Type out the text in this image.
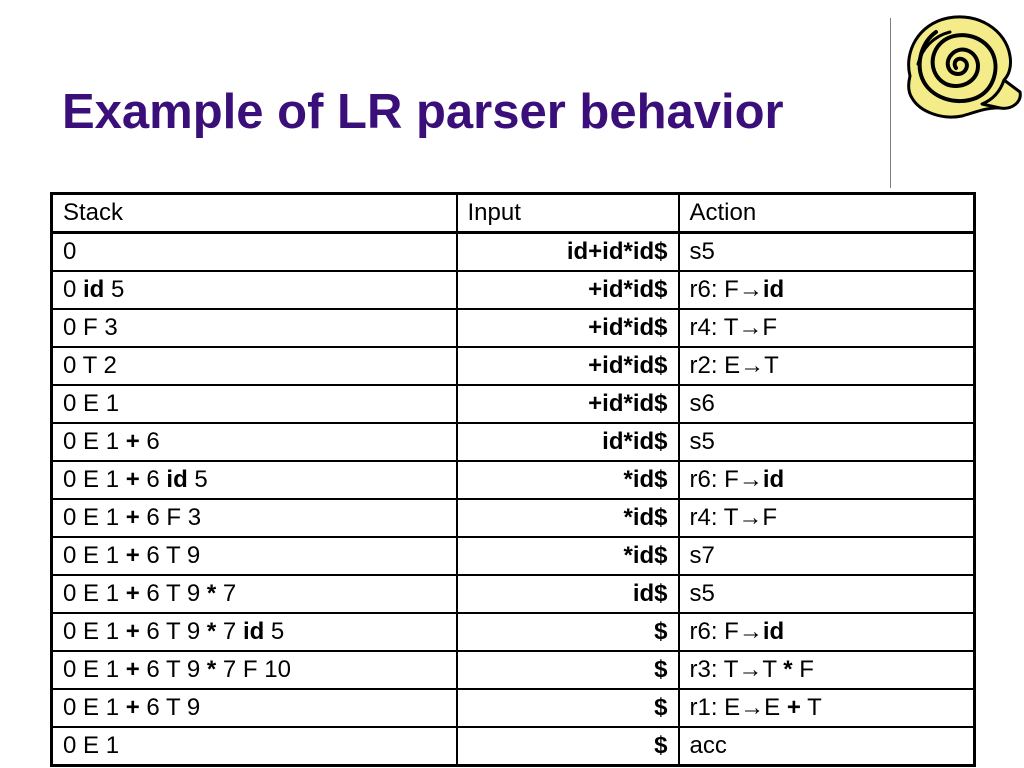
Example of LR parser behavior
Stack	Input	Action
0	id+id*id$	s5
0 id 5	+id*id$	r6: F→id
0 F 3	+id*id$	r4: T→F
0 T 2	+id*id$	r2: E→T
0 E 1	+id*id$	s6
0 E 1 + 6	id*id$	s5
0 E 1 + 6 id 5	*id$	r6: F→id
0 E 1 + 6 F 3	*id$	r4: T→F
0 E 1 + 6 T 9	*id$	s7
0 E 1 + 6 T 9 * 7	id$	s5
0 E 1 + 6 T 9 * 7 id 5	$	r6: F→id
0 E 1 + 6 T 9 * 7 F 10	$	r3: T→T * F
0 E 1 + 6 T 9	$	r1: E→E + T
0 E 1	$	acc
